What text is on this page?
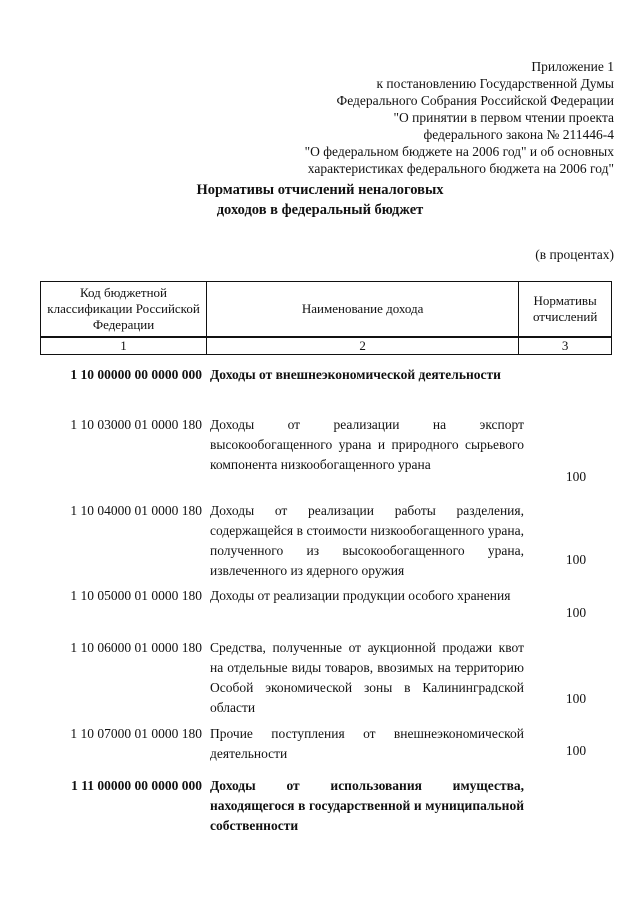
Приложение 1
к постановлению Государственной Думы
Федерального Собрания Российской Федерации
"О принятии в первом чтении проекта
федерального закона № 211446-4
"О федеральном бюджете на 2006 год" и об основных
характеристиках федерального бюджета на 2006 год"
Нормативы отчислений неналоговых
доходов в федеральный бюджет
(в процентах)
Код бюджетной классификации Российской Федерации	Наименование дохода	Нормативы отчислений
1	2	3
1 10 00000 00 0000 000 Доходы от внешнеэкономической деятельности
1 10 03000 01 0000 180 Доходы от реализации на экспорт высокообогащенного урана и природного сырьевого компонента низкообогащенного урана
100
1 10 04000 01 0000 180 Доходы от реализации работы разделения, содержащейся в стоимости низкообогащенного урана, полученного из высокообогащенного урана, извлеченного из ядерного оружия
100
1 10 05000 01 0000 180 Доходы от реализации продукции особого хранения
100
1 10 06000 01 0000 180 Средства, полученные от аукционной продажи квот на отдельные виды товаров, ввозимых на территорию Особой экономической зоны в Калининградской области
100
1 10 07000 01 0000 180 Прочие поступления от внешнеэкономической деятельности	100
1 11 00000 00 0000 000 Доходы от использования имущества, находящегося в государственной и муниципальной собственности
